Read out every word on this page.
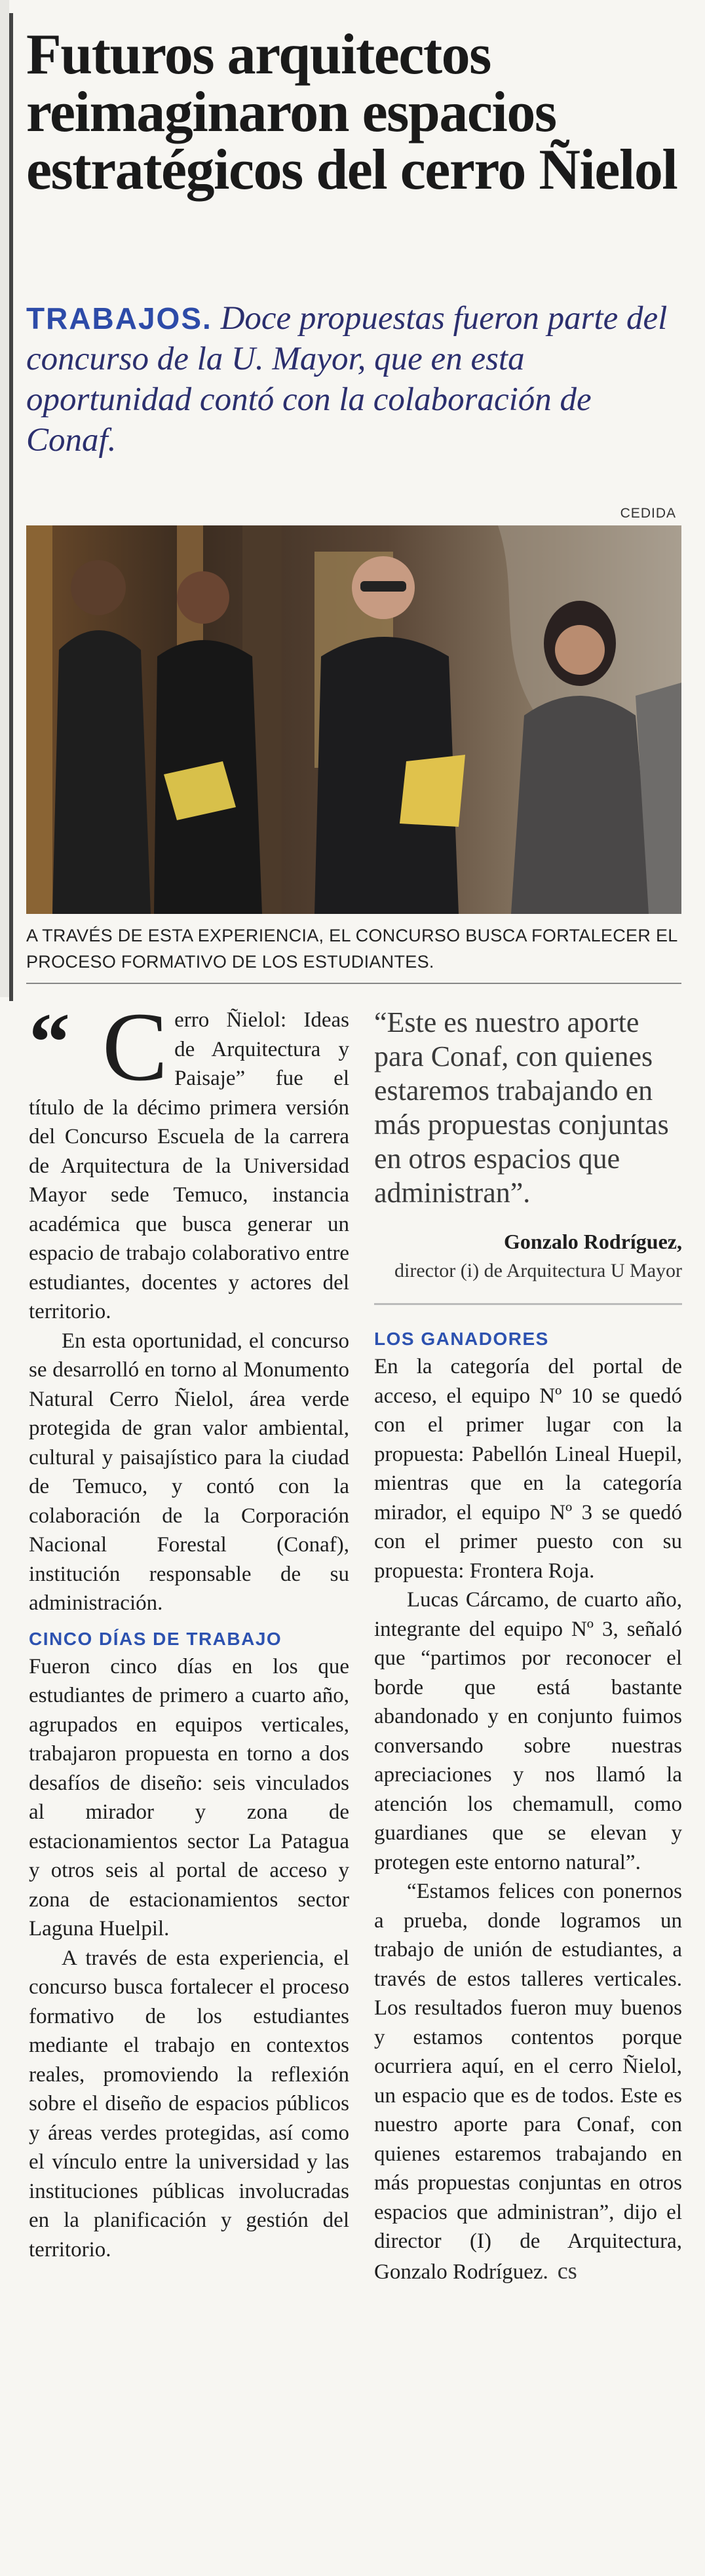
Futuros arquitectos reimaginaron espacios estratégicos del cerro Ñielol

TRABAJOS. Doce propuestas fueron parte del concurso de la U. Mayor, que en esta oportunidad contó con la colaboración de Conaf.

CEDIDA
A TRAVÉS DE ESTA EXPERIENCIA, EL CONCURSO BUSCA FORTALECER EL PROCESO FORMATIVO DE LOS ESTUDIANTES.
“ Cerro Ñielol: Ideas de Arquitectura y Paisaje” fue el título de la décimo primera versión del Concurso Escuela de la carrera de Arquitectura de la Universidad Mayor sede Temuco, instancia académica que busca generar un espacio de trabajo colaborativo entre estudiantes, docentes y actores del territorio.

En esta oportunidad, el concurso se desarrolló en torno al Monumento Natural Cerro Ñielol, área verde protegida de gran valor ambiental, cultural y paisajístico para la ciudad de Temuco, y contó con la colaboración de la Corporación Nacional Forestal (Conaf), institución responsable de su administración.

CINCO DÍAS DE TRABAJO

Fueron cinco días en los que estudiantes de primero a cuarto año, agrupados en equipos verticales, trabajaron propuesta en torno a dos desafíos de diseño: seis vinculados al mirador y zona de estacionamientos sector La Patagua y otros seis al portal de acceso y zona de estacionamientos sector Laguna Huelpil.

A través de esta experiencia, el concurso busca fortalecer el proceso formativo de los estudiantes mediante el trabajo en contextos reales, promoviendo la reflexión sobre el diseño de espacios públicos y áreas verdes protegidas, así como el vínculo entre la universidad y las instituciones públicas involucradas en la planificación y gestión del territorio.

“Este es nuestro aporte para Conaf, con quienes estaremos trabajando en más propuestas conjuntas en otros espacios que administran”.

Gonzalo Rodríguez,

director (i) de Arquitectura U Mayor

LOS GANADORES

En la categoría del portal de acceso, el equipo Nº 10 se quedó con el primer lugar con la propuesta: Pabellón Lineal Huepil, mientras que en la categoría mirador, el equipo Nº 3 se quedó con el primer puesto con su propuesta: Frontera Roja.

Lucas Cárcamo, de cuarto año, integrante del equipo Nº 3, señaló que “partimos por reconocer el borde que está bastante abandonado y en conjunto fuimos conversando sobre nuestras apreciaciones y nos llamó la atención los chemamull, como guardianes que se elevan y protegen este entorno natural”.

“Estamos felices con ponernos a prueba, donde logramos un trabajo de unión de estudiantes, a través de estos talleres verticales. Los resultados fueron muy buenos y estamos contentos porque ocurriera aquí, en el cerro Ñielol, un espacio que es de todos. Este es nuestro aporte para Conaf, con quienes estaremos trabajando en más propuestas conjuntas en otros espacios que administran”, dijo el director (I) de Arquitectura, Gonzalo Rodríguez. cs
